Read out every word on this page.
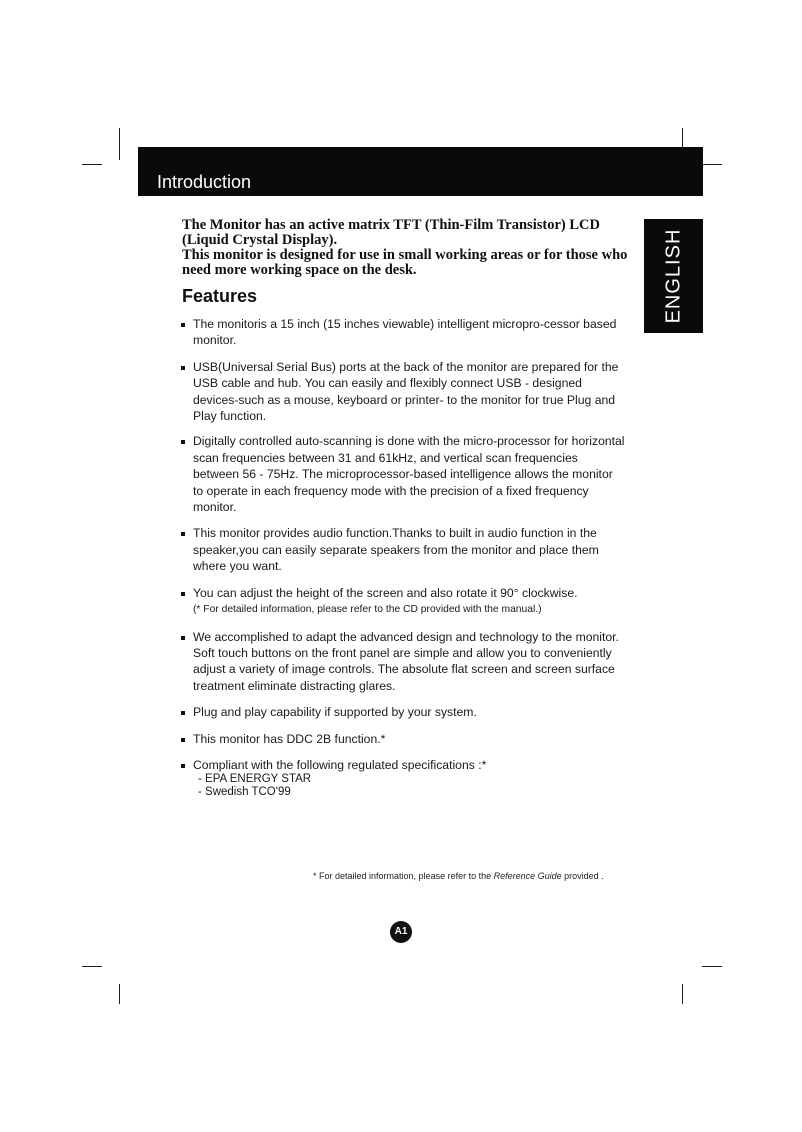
Introduction
ENGLISH

The Monitor has an active matrix TFT (Thin-Film Transistor) LCD (Liquid Crystal Display).

This monitor is designed for use in small working areas or for those who need more working space on the desk.

Features
The monitoris a 15 inch (15 inches viewable) intelligent micropro-cessor based
monitor.
USB(Universal Serial Bus) ports at the back of the monitor are prepared for the
USB cable and hub. You can easily and flexibly connect USB - designed
devices-such as a mouse, keyboard or printer- to the monitor for true Plug and
Play function.
Digitally controlled auto-scanning is done with the micro-processor for horizontal
scan frequencies between 31 and 61kHz, and vertical scan frequencies
between 56 - 75Hz. The microprocessor-based intelligence allows the monitor
to operate in each frequency mode with the precision of a fixed frequency
monitor.
This monitor provides audio function.Thanks to built in audio function in the
speaker,you can easily separate speakers from the monitor and place them
where you want.
You can adjust the height of the screen and also rotate it 90° clockwise.
(* For detailed information, please refer to the CD provided with the manual.)
We accomplished to adapt the advanced design and technology to the monitor.
Soft touch buttons on the front panel are simple and allow you to conveniently
adjust a variety of image controls. The absolute flat screen and screen surface
treatment eliminate distracting glares.
Plug and play capability if supported by your system.
This monitor has DDC 2B function.*
Compliant with the following regulated specifications :*
- EPA ENERGY STAR
- Swedish TCO'99
* For detailed information, please refer to the Reference Guide provided .
A1
